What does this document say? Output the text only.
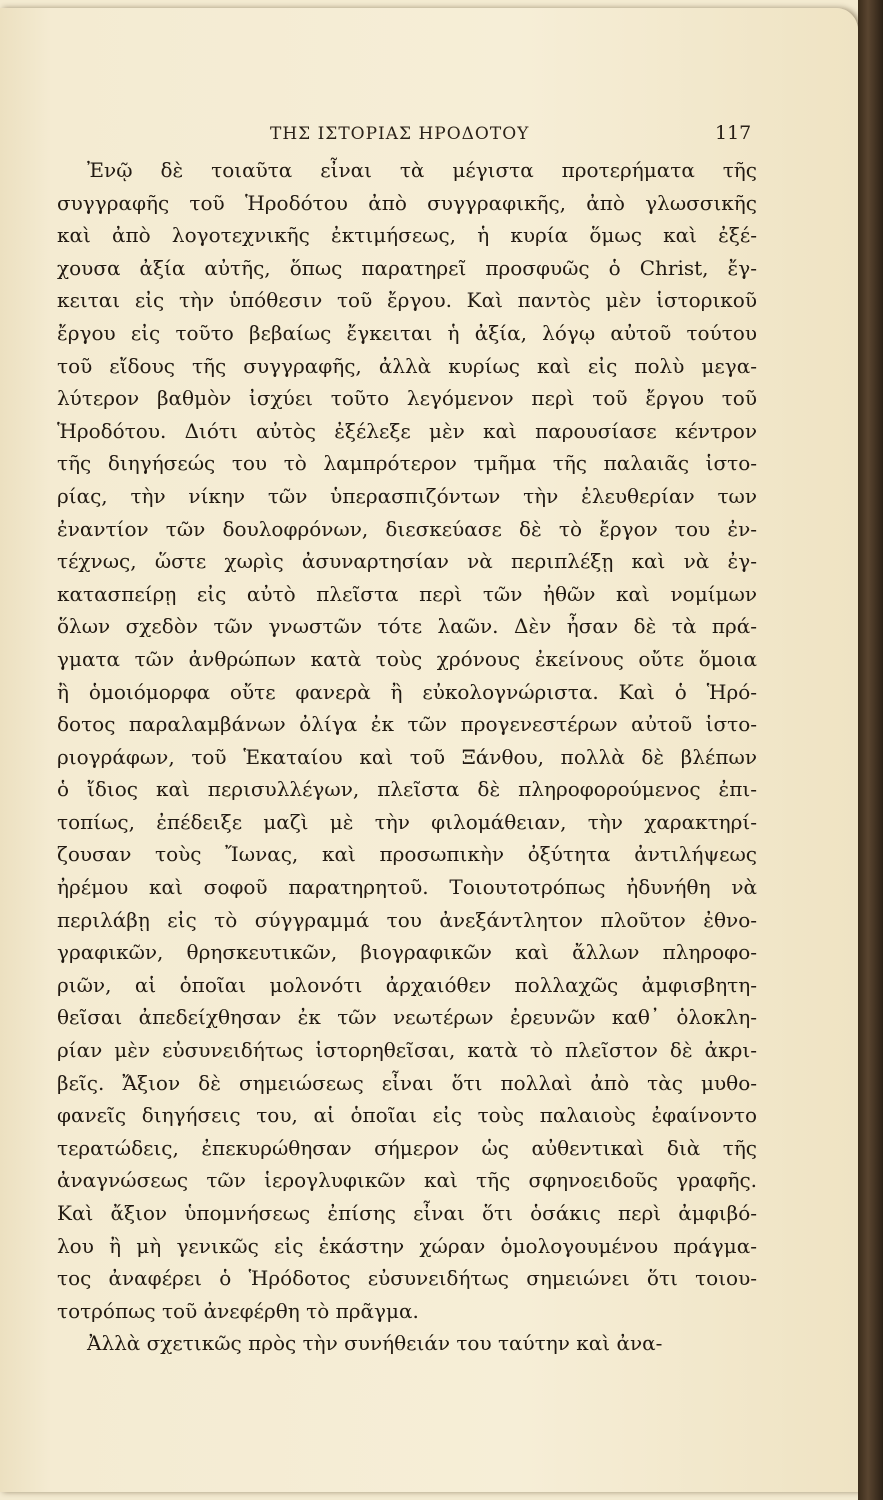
ΤΗΣ ΙΣΤΟΡΙΑΣ ΗΡΟΔΟΤΟΥ	117
Ἐνῷ δὲ τοιαῦτα εἶναι τὰ μέγιστα προτερήματα τῆς
συγγραφῆς τοῦ Ἡροδότου ἀπὸ συγγραφικῆς, ἀπὸ γλωσσικῆς
καὶ ἀπὸ λογοτεχνικῆς ἐκτιμήσεως, ἡ κυρία ὅμως καὶ ἐξέ-
χουσα ἀξία αὐτῆς, ὅπως παρατηρεῖ προσφυῶς ὁ Christ, ἔγ-
κειται εἰς τὴν ὑπόθεσιν τοῦ ἔργου. Καὶ παντὸς μὲν ἱστορικοῦ
ἔργου εἰς τοῦτο βεβαίως ἔγκειται ἡ ἀξία, λόγῳ αὐτοῦ τούτου
τοῦ εἴδους τῆς συγγραφῆς, ἀλλὰ κυρίως καὶ εἰς πολὺ μεγα-
λύτερον βαθμὸν ἰσχύει τοῦτο λεγόμενον περὶ τοῦ ἔργου τοῦ
Ἡροδότου. Διότι αὐτὸς ἐξέλεξε μὲν καὶ παρουσίασε κέντρον
τῆς διηγήσεώς του τὸ λαμπρότερον τμῆμα τῆς παλαιᾶς ἱστο-
ρίας, τὴν νίκην τῶν ὑπερασπιζόντων τὴν ἐλευθερίαν των
ἐναντίον τῶν δουλοφρόνων, διεσκεύασε δὲ τὸ ἔργον του ἐν-
τέχνως, ὥστε χωρὶς ἀσυναρτησίαν νὰ περιπλέξῃ καὶ νὰ ἐγ-
κατασπείρῃ εἰς αὐτὸ πλεῖστα περὶ τῶν ἠθῶν καὶ νομίμων
ὅλων σχεδὸν τῶν γνωστῶν τότε λαῶν. Δὲν ἦσαν δὲ τὰ πρά-
γματα τῶν ἀνθρώπων κατὰ τοὺς χρόνους ἐκείνους οὔτε ὅμοια
ἢ ὁμοιόμορφα οὔτε φανερὰ ἢ εὐκολογνώριστα. Καὶ ὁ Ἡρό-
δοτος παραλαμβάνων ὀλίγα ἐκ τῶν προγενεστέρων αὐτοῦ ἱστο-
ριογράφων, τοῦ Ἑκαταίου καὶ τοῦ Ξάνθου, πολλὰ δὲ βλέπων
ὁ ἴδιος καὶ περισυλλέγων, πλεῖστα δὲ πληροφορούμενος ἐπι-
τοπίως, ἐπέδειξε μαζὶ μὲ τὴν φιλομάθειαν, τὴν χαρακτηρί-
ζουσαν τοὺς Ἴωνας, καὶ προσωπικὴν ὀξύτητα ἀντιλήψεως
ἠρέμου καὶ σοφοῦ παρατηρητοῦ. Τοιουτοτρόπως ἠδυνήθη νὰ
περιλάβῃ εἰς τὸ σύγγραμμά του ἀνεξάντλητον πλοῦτον ἐθνο-
γραφικῶν, θρησκευτικῶν, βιογραφικῶν καὶ ἄλλων πληροφο-
ριῶν, αἱ ὁποῖαι μολονότι ἀρχαιόθεν πολλαχῶς ἀμφισβητη-
θεῖσαι ἀπεδείχθησαν ἐκ τῶν νεωτέρων ἐρευνῶν καθ᾽ ὁλοκλη-
ρίαν μὲν εὐσυνειδήτως ἱστορηθεῖσαι, κατὰ τὸ πλεῖστον δὲ ἀκρι-
βεῖς. Ἄξιον δὲ σημειώσεως εἶναι ὅτι πολλαὶ ἀπὸ τὰς μυθο-
φανεῖς διηγήσεις του, αἱ ὁποῖαι εἰς τοὺς παλαιοὺς ἐφαίνοντο
τερατώδεις, ἐπεκυρώθησαν σήμερον ὡς αὐθεντικαὶ διὰ τῆς
ἀναγνώσεως τῶν ἱερογλυφικῶν καὶ τῆς σφηνοειδοῦς γραφῆς.
Καὶ ἄξιον ὑπομνήσεως ἐπίσης εἶναι ὅτι ὁσάκις περὶ ἀμφιβό-
λου ἢ μὴ γενικῶς εἰς ἑκάστην χώραν ὁμολογουμένου πράγμα-
τος ἀναφέρει ὁ Ἡρόδοτος εὐσυνειδήτως σημειώνει ὅτι τοιου-
τοτρόπως τοῦ ἀνεφέρθη τὸ πρᾶγμα.
Ἀλλὰ σχετικῶς πρὸς τὴν συνήθειάν του ταύτην καὶ ἀνα-
